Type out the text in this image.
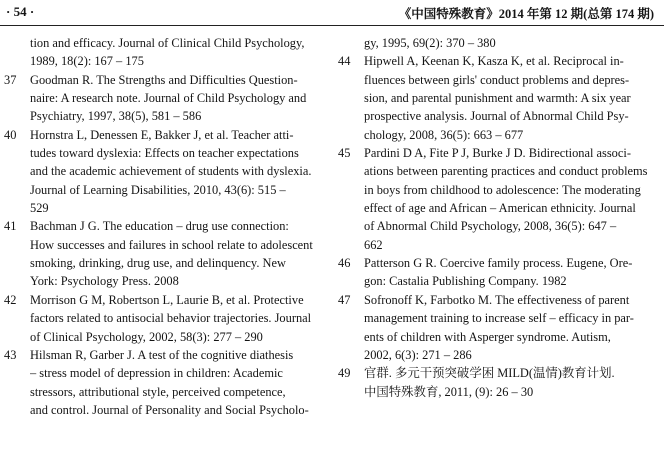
· 54 ·	《中国特殊教育》2014 年第 12 期(总第 174 期)
tion and efficacy. Journal of Clinical Child Psychology,
1989, 18(2): 167 – 175
37 Goodman R. The Strengths and Difficulties Question-
naire: A research note. Journal of Child Psychology and
Psychiatry, 1997, 38(5), 581 – 586
40 Hornstra L, Denessen E, Bakker J, et al. Teacher atti-
tudes toward dyslexia: Effects on teacher expectations
and the academic achievement of students with dyslexia.
Journal of Learning Disabilities, 2010, 43(6): 515 –
529
41 Bachman J G. The education – drug use connection:
How successes and failures in school relate to adolescent
smoking, drinking, drug use, and delinquency. New
York: Psychology Press. 2008
42 Morrison G M, Robertson L, Laurie B, et al. Protective
factors related to antisocial behavior trajectories. Journal
of Clinical Psychology, 2002, 58(3): 277 – 290
43 Hilsman R, Garber J. A test of the cognitive diathesis
– stress model of depression in children: Academic
stressors, attributional style, perceived competence,
and control. Journal of Personality and Social Psycholo-
gy, 1995, 69(2): 370 – 380
44 Hipwell A, Keenan K, Kasza K, et al. Reciprocal in-
fluences between girls' conduct problems and depres-
sion, and parental punishment and warmth: A six year
prospective analysis. Journal of Abnormal Child Psy-
chology, 2008, 36(5): 663 – 677
45 Pardini D A, Fite P J, Burke J D. Bidirectional associ-
ations between parenting practices and conduct problems
in boys from childhood to adolescence: The moderating
effect of age and African – American ethnicity. Journal
of Abnormal Child Psychology, 2008, 36(5): 647 –
662
46 Patterson G R. Coercive family process. Eugene, Ore-
gon: Castalia Publishing Company. 1982
47 Sofronoff K, Farbotko M. The effectiveness of parent
management training to increase self – efficacy in par-
ents of children with Asperger syndrome. Autism,
2002, 6(3): 271 – 286
49 官群. 多元干预突破学困 MILD(温情)教育计划.
中国特殊教育, 2011, (9): 26 – 30
